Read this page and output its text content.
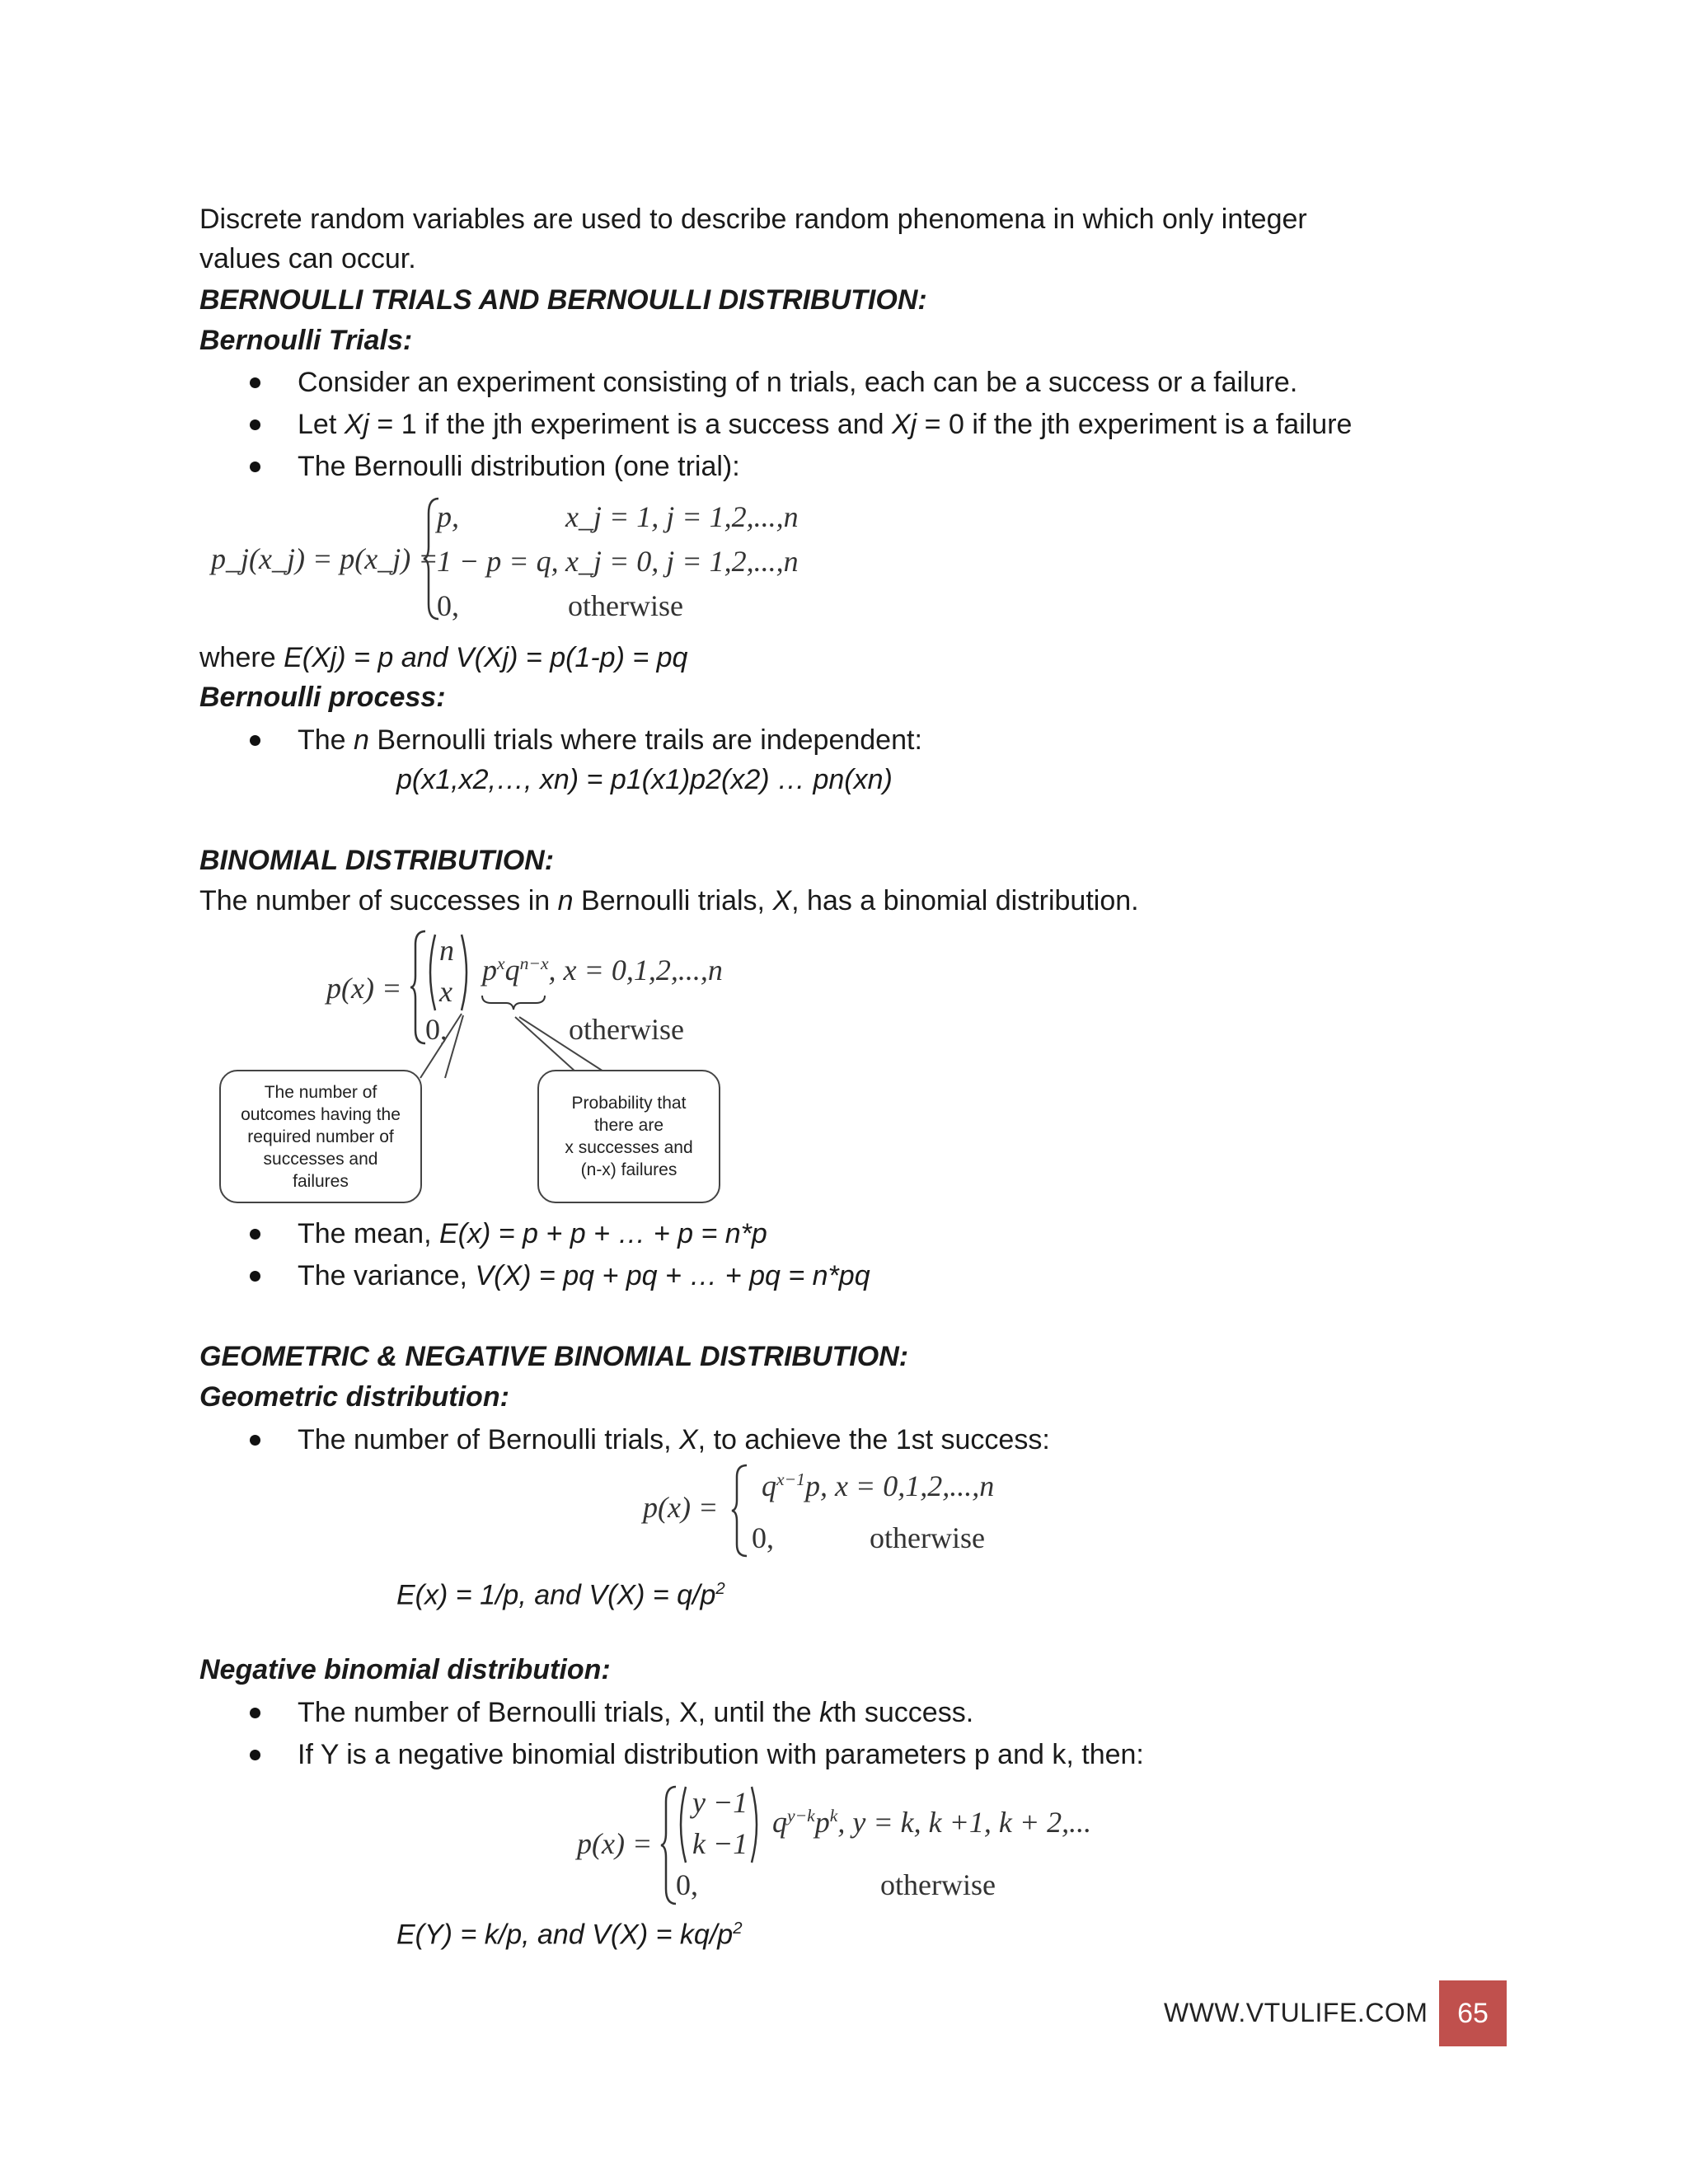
Discrete random variables are used to describe random phenomena in which only integer
values can occur.
BERNOULLI TRIALS AND BERNOULLI DISTRIBUTION:
Bernoulli Trials:
Consider an experiment consisting of n trials, each can be a success or a failure.
Let Xj = 1 if the jth experiment is a success and Xj = 0 if the jth experiment is a failure
The Bernoulli distribution (one trial):
p_j(x_j) = p(x_j) =
p,	x_j = 1, j = 1,2,...,n
1 − p = q, x_j = 0, j = 1,2,...,n
0,	otherwise
where E(Xj) = p and V(Xj) = p(1-p) = pq
Bernoulli process:
The n Bernoulli trials where trails are independent:
p(x1,x2,…, xn) = p1(x1)p2(x2) … pn(xn)
BINOMIAL DISTRIBUTION:
The number of successes in n Bernoulli trials, X, has a binomial distribution.
p(x) =
n
x
$p^xq^{n-x}$, x = 0,1,2,...,n
0,	otherwise
The number of
outcomes having the
required number of
successes and
failures
Probability that
there are
x successes and
(n-x) failures
The mean, E(x) = p + p + … + p = n*p
The variance, V(X) = pq + pq + … + pq = n*pq
GEOMETRIC & NEGATIVE BINOMIAL DISTRIBUTION:
Geometric distribution:
The number of Bernoulli trials, X, to achieve the 1st success:
p(x) =
$q^{x-1}p$, x = 0,1,2,...,n
0,	otherwise
E(x) = 1/p, and $V(X) = q/p^2$
Negative binomial distribution:
The number of Bernoulli trials, X, until the kth success.
If Y is a negative binomial distribution with parameters p and k, then:
p(x) =
y −1
k −1
$q^{y-k}p^k$, y = k, k +1, k + 2,...
0,	otherwise
E(Y) = k/p, and $V(X) = kq/p^2$
WWW.VTULIFE.COM	65
